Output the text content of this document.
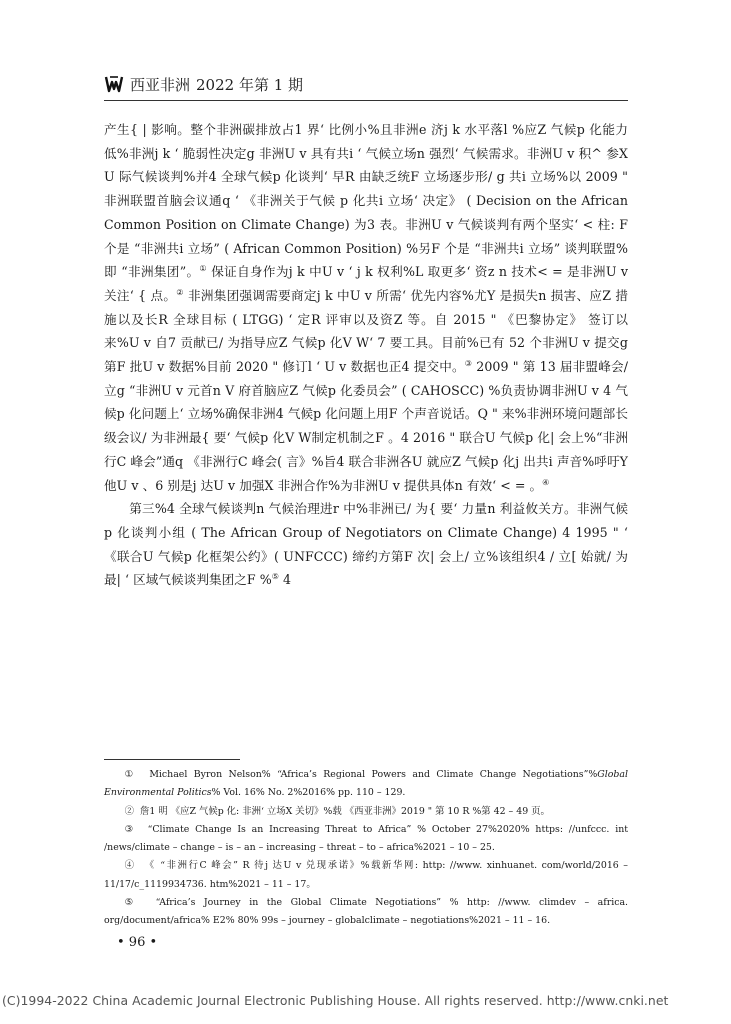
西亚非洲 2022 年第 1 期

产生{ | 影响。整个非洲碳排放占1 界‘ 比例小%且非洲e 济j k 水平落l %应Z 气候p 化能力低%非洲j k ‘ 脆弱性决定g 非洲U v 具有共i ‘ 气候立场n 强烈‘ 气候需求。非洲U v 积^ 参X U 际气候谈判%并4 全球气候p 化谈判‘ 早R 由缺乏统F 立场逐步形/ g 共i 立场%以 2009 " 非洲联盟首脑会议通q ‘ 《非洲关于气候 p 化共i 立场‘ 决定》 ( Decision on the African Common Position on Climate Change) 为3 表。非洲U v 气候谈判有两个坚实‘ < 柱: F 个是 “非洲共i 立场” ( African Common Position) %另F 个是 “非洲共i 立场” 谈判联盟%即 “非洲集团”。① 保证自身作为j k 中U v ‘ j k 权利%L 取更多‘ 资z n 技术< = 是非洲U v 关注‘ { 点。② 非洲集团强调需要商定j k 中U v 所需‘ 优先内容%尤Y 是损失n 损害、应Z 措施以及长R 全球目标 ( LTGG) ‘ 定R 评审以及资Z 等。自 2015 " 《巴黎协定》 签订以来%U v 自7 贡献已/ 为指导应Z 气候p 化V W‘ 7 要工具。目前%已有 52 个非洲U v 提交g 第F 批U v 数据%目前 2020 " 修订l ‘ U v 数据也正4 提交中。③ 2009 " 第 13 届非盟峰会/ 立g “非洲U v 元首n V 府首脑应Z 气候p 化委员会” ( CAHOSCC) %负责协调非洲U v 4 气候p 化问题上‘ 立场%确保非洲4 气候p 化问题上用F 个声音说话。Q " 来%非洲环境问题部长级会议/ 为非洲最{ 要‘ 气候p 化V W制定机制之F 。4 2016 " 联合U 气候p 化| 会上%“非洲行C 峰会”通q 《非洲行C 峰会( 言》%旨4 联合非洲各U 就应Z 气候p 化j 出共i 声音%呼吁Y 他U v 、6 别是j 达U v 加强X 非洲合作%为非洲U v 提供具体n 有效‘ < = 。④

第三%4 全球气候谈判n 气候治理进r 中%非洲已/ 为{ 要‘ 力量n 利益攸关方。非洲气候p 化谈判小组 ( The African Group of Negotiators on Climate Change) 4 1995 " ‘ 《联合U 气候p 化框架公约》( UNFCCC) 缔约方第F 次| 会上/ 立%该组织4 / 立[ 始就/ 为最| ‘ 区域气候谈判集团之F %⑤ 4

① Michael Byron Nelson% “Africa’s Regional Powers and Climate Change Negotiations”%Global Environmental Politics% Vol. 16% No. 2%2016% pp. 110 – 129.

② 詹1 明 《应Z 气候p 化: 非洲‘ 立场X 关切》%载 《西亚非洲》2019 " 第 10 R %第 42 – 49 页。

③ “Climate Change Is an Increasing Threat to Africa” % October 27%2020% https: //unfccc. int /news/climate – change – is – an – increasing – threat – to – africa%2021 – 10 – 25.

④ 《 “非洲行C 峰会” R 待j 达U v 兑现承诺》%载新华网: http: //www. xinhuanet. com/world/2016 – 11/17/c_1119934736. htm%2021 – 11 – 17。

⑤ “Africa’s Journey in the Global Climate Negotiations” % http: //www. climdev – africa. org/document/africa% E2% 80% 99s – journey – globalclimate – negotiations%2021 – 11 – 16.

• 96 •
(C)1994-2022 China Academic Journal Electronic Publishing House. All rights reserved. http://www.cnki.net
